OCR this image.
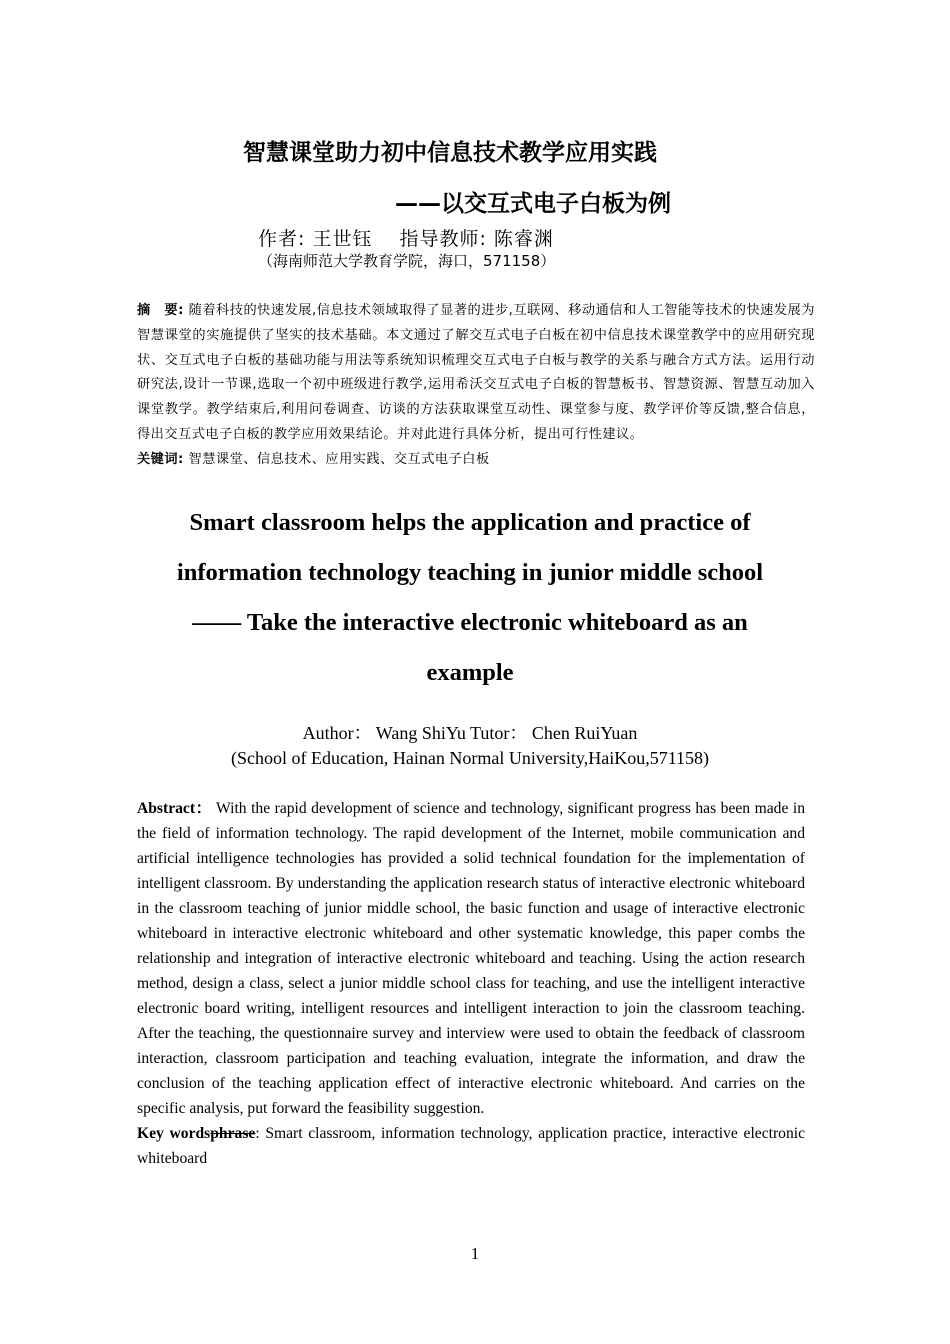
智慧课堂助力初中信息技术教学应用实践
——以交互式电子白板为例
作者: 王世钰　 指导教师: 陈睿渊
（海南师范大学教育学院，海口，571158）

摘　要: 随着科技的快速发展,信息技术领域取得了显著的进步,互联网、移动通信和人工智能等技术的快速发展为智慧课堂的实施提供了坚实的技术基础。本文通过了解交互式电子白板在初中信息技术课堂教学中的应用研究现状、交互式电子白板的基础功能与用法等系统知识梳理交互式电子白板与教学的关系与融合方式方法。运用行动研究法,设计一节课,选取一个初中班级进行教学,运用希沃交互式电子白板的智慧板书、智慧资源、智慧互动加入课堂教学。教学结束后,利用问卷调查、访谈的方法获取课堂互动性、课堂参与度、教学评价等反馈,整合信息，得出交互式电子白板的教学应用效果结论。并对此进行具体分析，提出可行性建议。

关键词: 智慧课堂、信息技术、应用实践、交互式电子白板

Smart classroom helps the application and practice of
information technology teaching in junior middle school
—— Take the interactive electronic whiteboard as an
example
Author： Wang ShiYu Tutor： Chen RuiYuan
(School of Education, Hainan Normal University,HaiKou,571158)

Abstract： With the rapid development of science and technology, significant progress has been made in the field of information technology. The rapid development of the Internet, mobile communication and artificial intelligence technologies has provided a solid technical foundation for the implementation of intelligent classroom. By understanding the application research status of interactive electronic whiteboard in the classroom teaching of junior middle school, the basic function and usage of interactive electronic whiteboard in interactive electronic whiteboard and other systematic knowledge, this paper combs the relationship and integration of interactive electronic whiteboard and teaching. Using the action research method, design a class, select a junior middle school class for teaching, and use the intelligent interactive electronic board writing, intelligent resources and intelligent interaction to join the classroom teaching. After the teaching, the questionnaire survey and interview were used to obtain the feedback of classroom interaction, classroom participation and teaching evaluation, integrate the information, and draw the conclusion of the teaching application effect of interactive electronic whiteboard. And carries on the specific analysis, put forward the feasibility suggestion.

Key wordsphrase: Smart classroom, information technology, application practice, interactive electronic whiteboard

1
